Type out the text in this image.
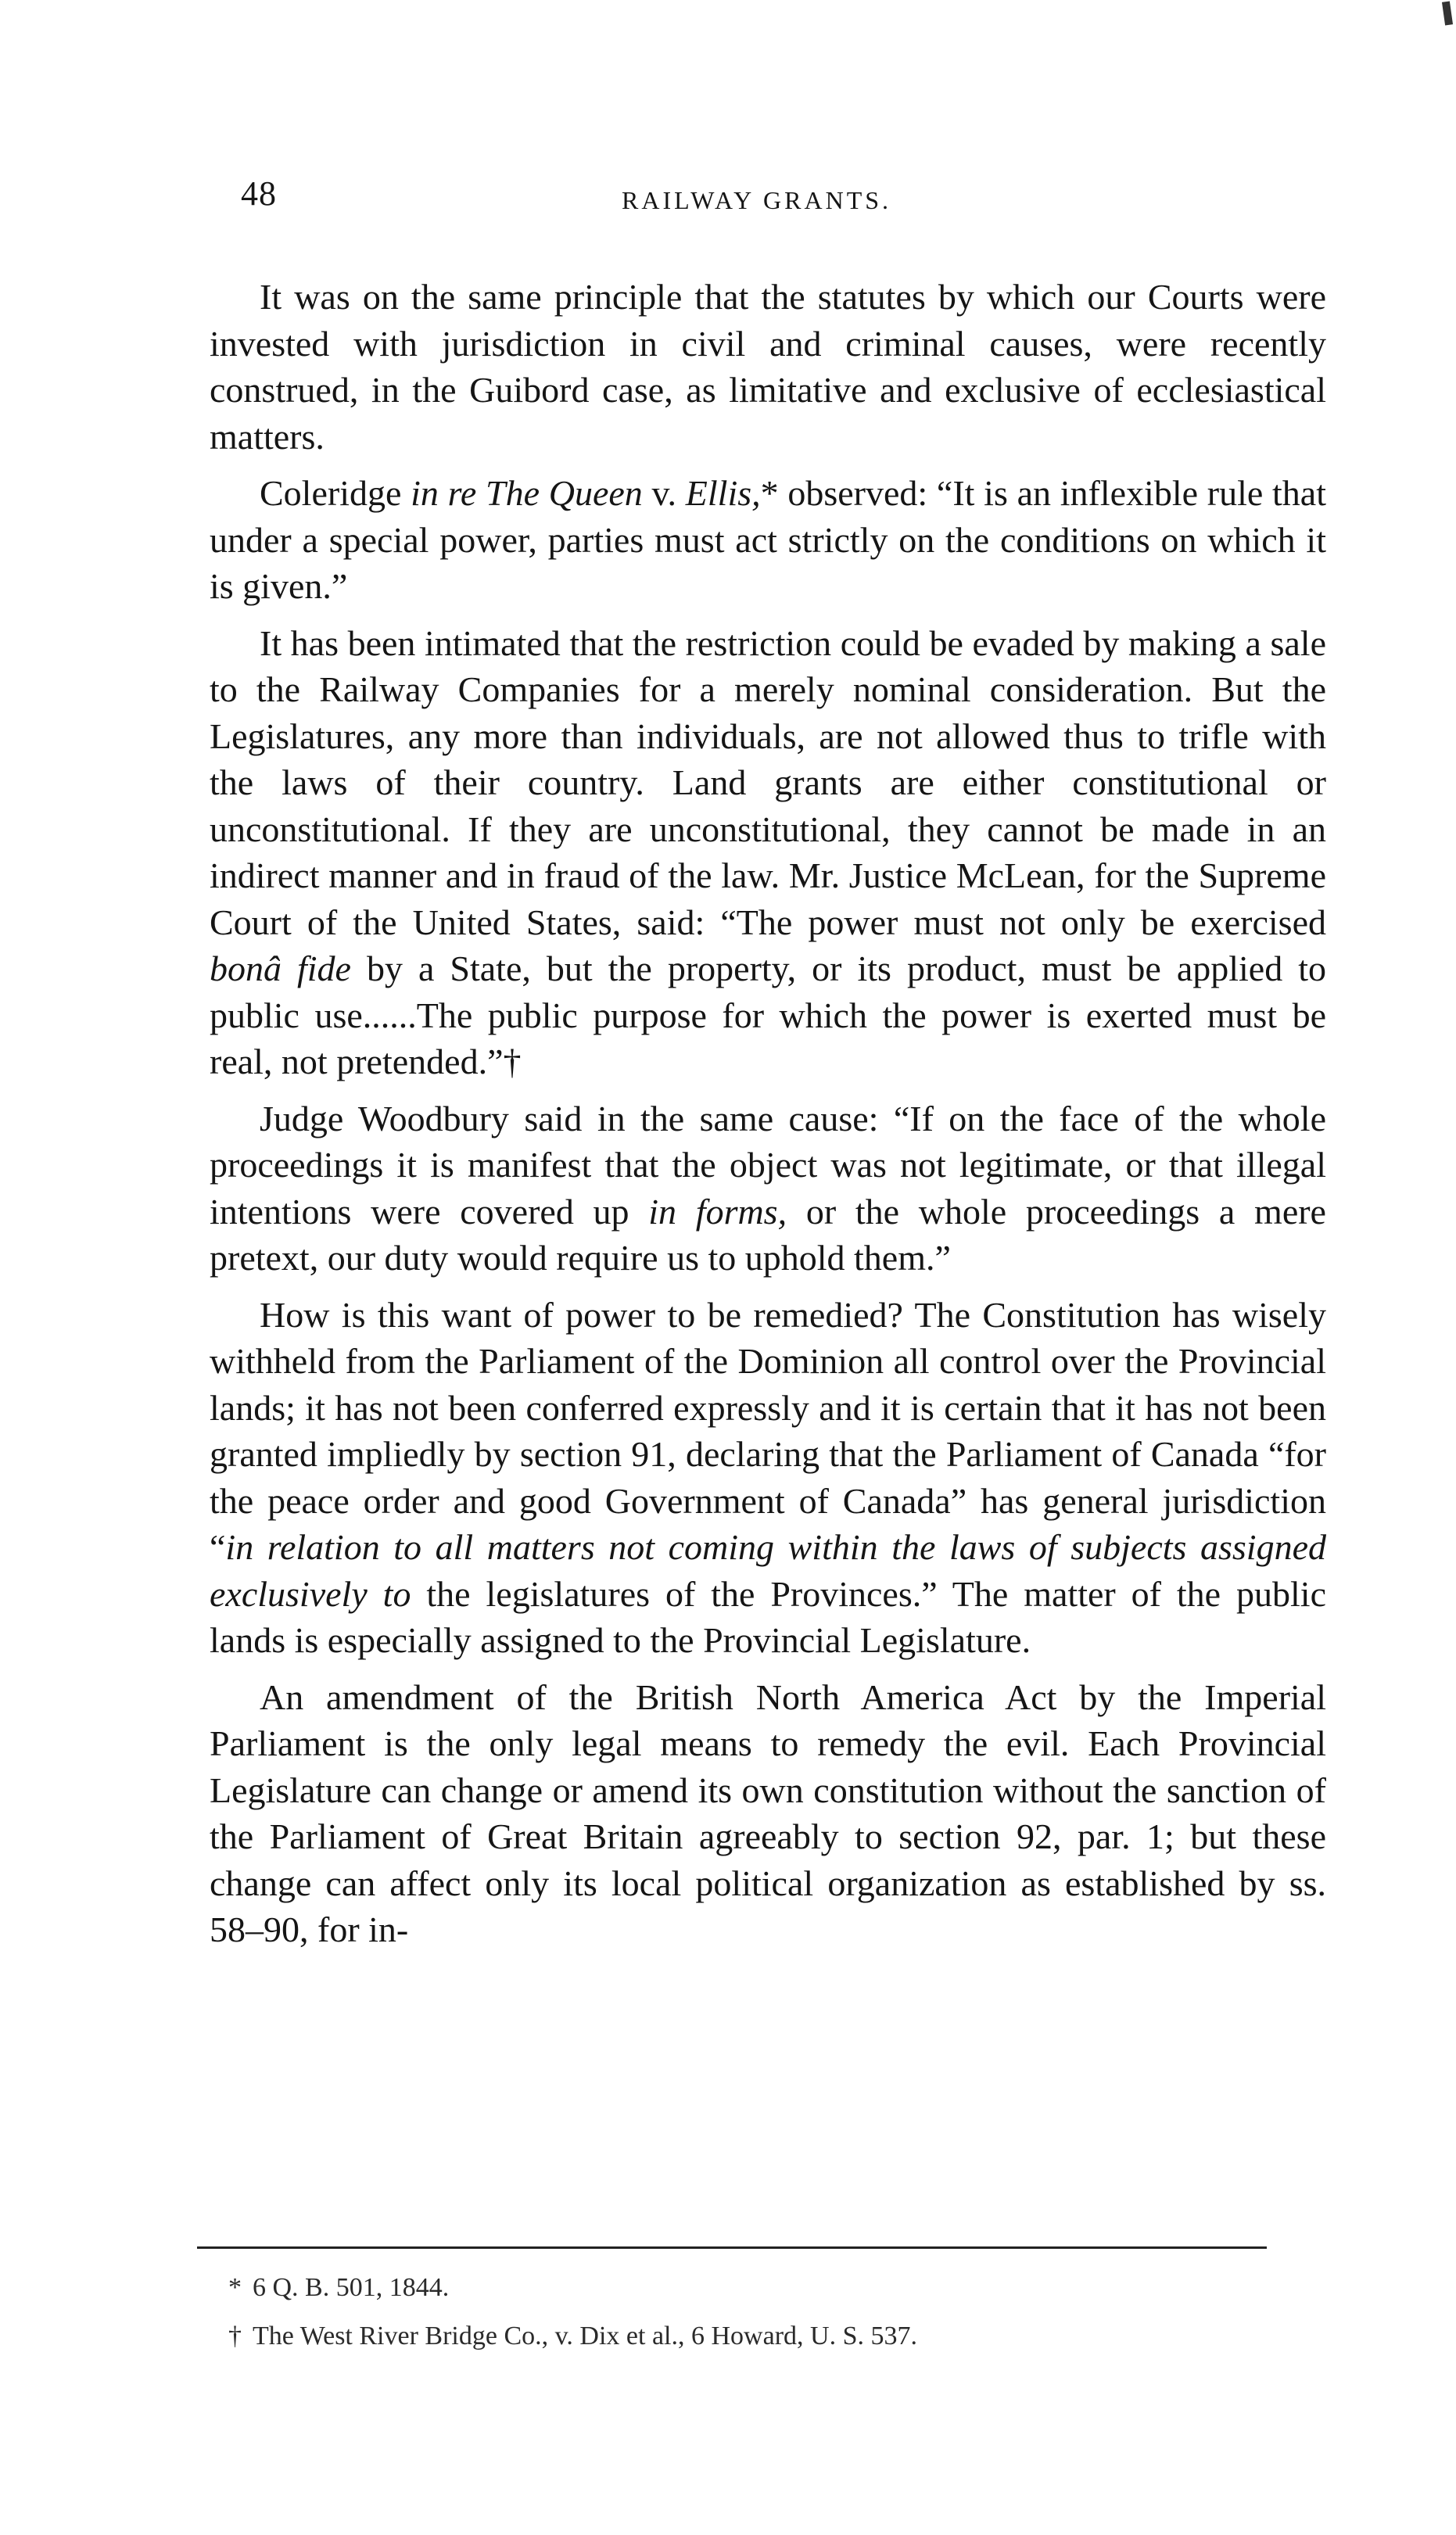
48	RAILWAY GRANTS.

It was on the same principle that the statutes by which our Courts were invested with jurisdiction in civil and criminal causes, were recently construed, in the Guibord case, as limitative and exclusive of ecclesiastical matters.

Coleridge in re The Queen v. Ellis,* observed: “It is an inflexible rule that under a special power, parties must act strictly on the conditions on which it is given.”

It has been intimated that the restriction could be evaded by making a sale to the Railway Companies for a merely nominal consideration. But the Legislatures, any more than individuals, are not allowed thus to trifle with the laws of their country. Land grants are either constitutional or unconstitutional. If they are unconstitutional, they cannot be made in an indirect manner and in fraud of the law. Mr. Justice McLean, for the Supreme Court of the United States, said: “The power must not only be exercised bonâ fide by a State, but the property, or its product, must be applied to public use......The public purpose for which the power is exerted must be real, not pretended.”†

Judge Woodbury said in the same cause: “If on the face of the whole proceedings it is manifest that the object was not legitimate, or that illegal intentions were covered up in forms, or the whole proceedings a mere pretext, our duty would require us to uphold them.”

How is this want of power to be remedied? The Constitution has wisely withheld from the Parliament of the Dominion all control over the Provincial lands; it has not been conferred expressly and it is certain that it has not been granted impliedly by section 91, declaring that the Parliament of Canada “for the peace order and good Government of Canada” has general jurisdiction “in relation to all matters not coming within the laws of subjects assigned exclusively to the legislatures of the Provinces.” The matter of the public lands is especially assigned to the Provincial Legislature.

An amendment of the British North America Act by the Imperial Parliament is the only legal means to remedy the evil. Each Provincial Legislature can change or amend its own constitution without the sanction of the Parliament of Great Britain agreeably to section 92, par. 1; but these change can affect only its local political organization as established by ss. 58–90, for in-

* 6 Q. B. 501, 1844.
† The West River Bridge Co., v. Dix et al., 6 Howard, U. S. 537.
